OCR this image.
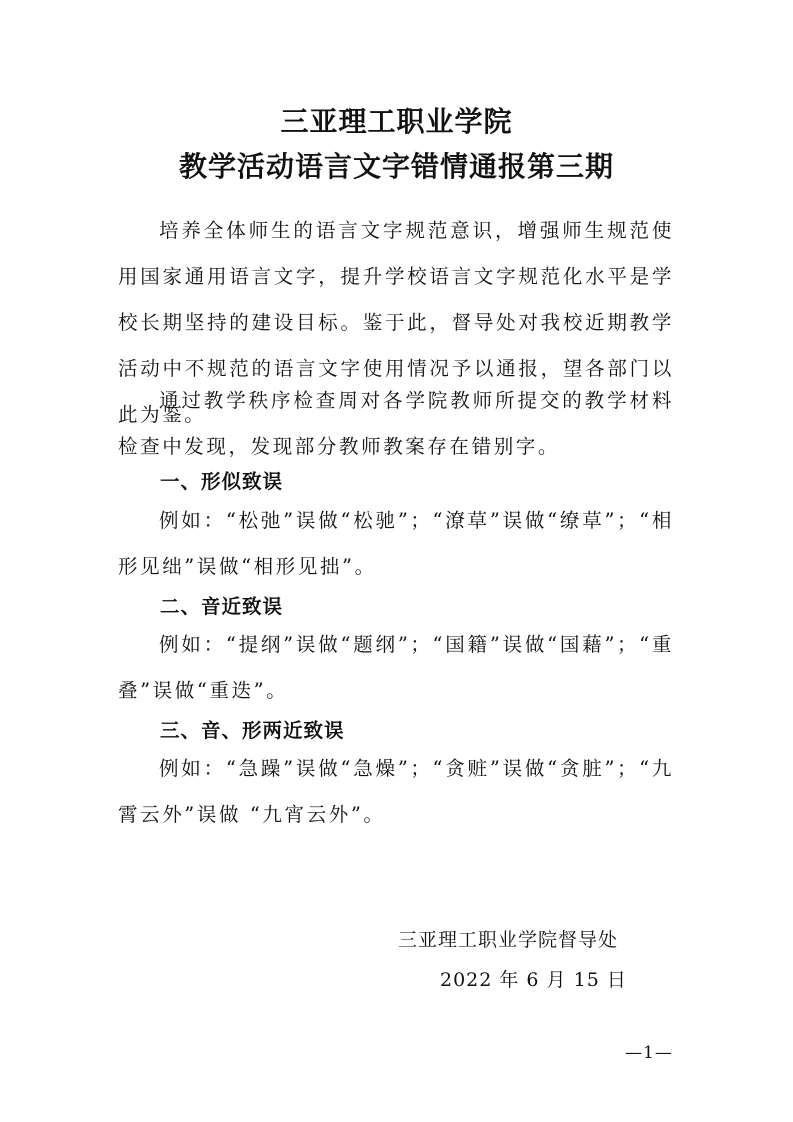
三亚理工职业学院
教学活动语言文字错情通报第三期
培养全体师生的语言文字规范意识，增强师生规范使用国家通用语言文字，提升学校语言文字规范化水平是学校长期坚持的建设目标。鉴于此，督导处对我校近期教学活动中不规范的语言文字使用情况予以通报，望各部门以此为鉴。
通过教学秩序检查周对各学院教师所提交的教学材料检查中发现，发现部分教师教案存在错别字。
一、形似致误
例如：“松弛”误做“松驰”；“潦草”误做“缭草”；“相形见绌”误做“相形见拙”。
二、音近致误
例如：“提纲”误做“题纲”；“国籍”误做“国藉”；“重叠”误做“重迭”。
三、音、形两近致误
例如：“急躁”误做“急燥”；“贪赃”误做“贪脏”；“九霄云外”误做 “九宵云外”。
三亚理工职业学院督导处
2022 年 6 月 15 日
—1—
